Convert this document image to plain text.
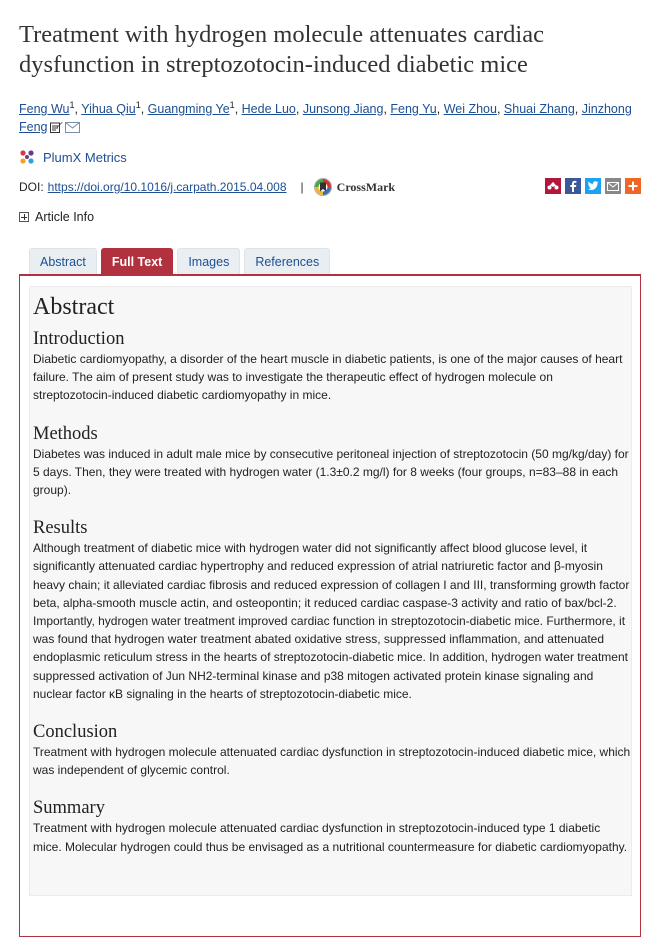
Treatment with hydrogen molecule attenuates cardiac dysfunction in streptozotocin-induced diabetic mice
Feng Wu$^1$, Yihua Qiu$^1$, Guangming Ye$^1$, Hede Luo, Junsong Jiang, Feng Yu, Wei Zhou, Shuai Zhang, Jinzhong Feng
PlumX Metrics
DOI: https://doi.org/10.1016/j.carpath.2015.04.008 |	CrossMark
Article Info
Abstract	Full Text	Images	References
Abstract
Introduction

Diabetic cardiomyopathy, a disorder of the heart muscle in diabetic patients, is one of the major causes of heart failure. The aim of present study was to investigate the therapeutic effect of hydrogen molecule on streptozotocin-induced diabetic cardiomyopathy in mice.

Methods

Diabetes was induced in adult male mice by consecutive peritoneal injection of streptozotocin (50 mg/kg/day) for 5 days. Then, they were treated with hydrogen water (1.3±0.2 mg/l) for 8 weeks (four groups, n=83–88 in each group).

Results

Although treatment of diabetic mice with hydrogen water did not significantly affect blood glucose level, it significantly attenuated cardiac hypertrophy and reduced expression of atrial natriuretic factor and β-myosin heavy chain; it alleviated cardiac fibrosis and reduced expression of collagen I and III, transforming growth factor beta, alpha-smooth muscle actin, and osteopontin; it reduced cardiac caspase-3 activity and ratio of bax/bcl-2. Importantly, hydrogen water treatment improved cardiac function in streptozotocin-diabetic mice. Furthermore, it was found that hydrogen water treatment abated oxidative stress, suppressed inflammation, and attenuated endoplasmic reticulum stress in the hearts of streptozotocin-diabetic mice. In addition, hydrogen water treatment suppressed activation of Jun NH2-terminal kinase and p38 mitogen activated protein kinase signaling and nuclear factor κB signaling in the hearts of streptozotocin-diabetic mice.

Conclusion

Treatment with hydrogen molecule attenuated cardiac dysfunction in streptozotocin-induced diabetic mice, which was independent of glycemic control.

Summary

Treatment with hydrogen molecule attenuated cardiac dysfunction in streptozotocin-induced type 1 diabetic mice. Molecular hydrogen could thus be envisaged as a nutritional countermeasure for diabetic cardiomyopathy.
